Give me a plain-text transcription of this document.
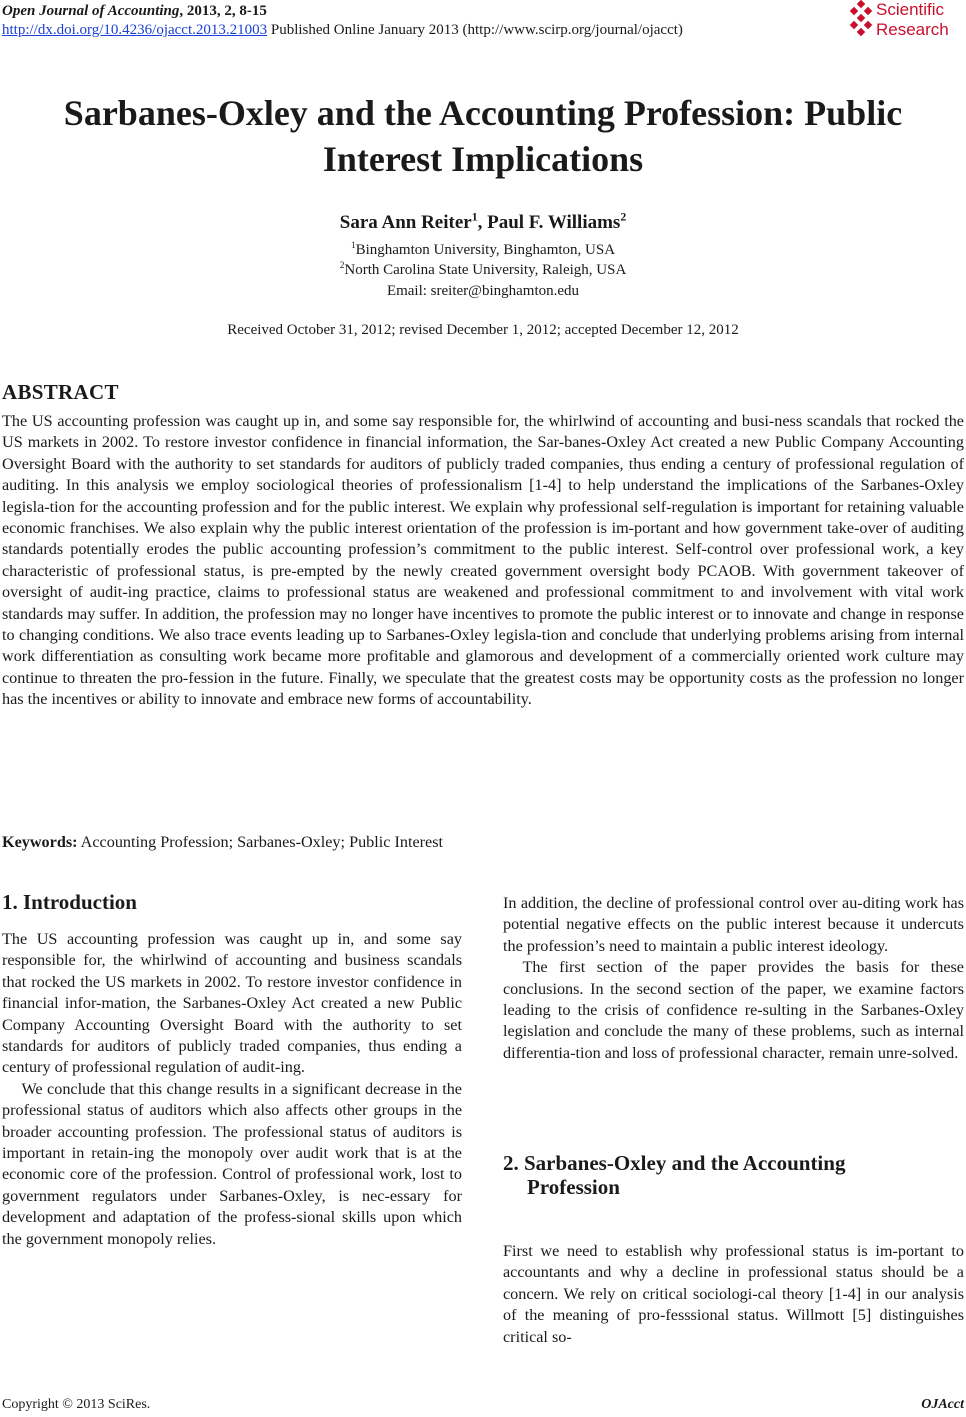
Open Journal of Accounting, 2013, 2, 8-15
http://dx.doi.org/10.4236/ojacct.2013.21003 Published Online January 2013 (http://www.scirp.org/journal/ojacct)
Scientific
Research
Sarbanes-Oxley and the Accounting Profession: Public
Interest Implications
Sara Ann Reiter$^1$, Paul F. Williams$^2$
$^1$Binghamton University, Binghamton, USA
$^2$North Carolina State University, Raleigh, USA
Email: sreiter@binghamton.edu
Received October 31, 2012; revised December 1, 2012; accepted December 12, 2012
ABSTRACT
The US accounting profession was caught up in, and some say responsible for, the whirlwind of accounting and busi-ness scandals that rocked the US markets in 2002. To restore investor confidence in financial information, the Sar-banes-Oxley Act created a new Public Company Accounting Oversight Board with the authority to set standards for auditors of publicly traded companies, thus ending a century of professional regulation of auditing. In this analysis we employ sociological theories of professionalism [1-4] to help understand the implications of the Sarbanes-Oxley legisla-tion for the accounting profession and for the public interest. We explain why professional self-regulation is important for retaining valuable economic franchises. We also explain why the public interest orientation of the profession is im-portant and how government take-over of auditing standards potentially erodes the public accounting profession’s commitment to the public interest. Self-control over professional work, a key characteristic of professional status, is pre-empted by the newly created government oversight body PCAOB. With government takeover of oversight of audit-ing practice, claims to professional status are weakened and professional commitment to and involvement with vital work standards may suffer. In addition, the profession may no longer have incentives to promote the public interest or to innovate and change in response to changing conditions. We also trace events leading up to Sarbanes-Oxley legisla-tion and conclude that underlying problems arising from internal work differentiation as consulting work became more profitable and glamorous and development of a commercially oriented work culture may continue to threaten the pro-fession in the future. Finally, we speculate that the greatest costs may be opportunity costs as the profession no longer has the incentives or ability to innovate and embrace new forms of accountability.
Keywords: Accounting Profession; Sarbanes-Oxley; Public Interest
1. Introduction

The US accounting profession was caught up in, and some say responsible for, the whirlwind of accounting and business scandals that rocked the US markets in 2002. To restore investor confidence in financial infor-mation, the Sarbanes-Oxley Act created a new Public Company Accounting Oversight Board with the authority to set standards for auditors of publicly traded companies, thus ending a century of professional regulation of audit-ing.

We conclude that this change results in a significant decrease in the professional status of auditors which also affects other groups in the broader accounting profession. The professional status of auditors is important in retain-ing the monopoly over audit work that is at the economic core of the profession. Control of professional work, lost to government regulators under Sarbanes-Oxley, is nec-essary for development and adaptation of the profess-sional skills upon which the government monopoly relies.

In addition, the decline of professional control over au-diting work has potential negative effects on the public interest because it undercuts the profession’s need to maintain a public interest ideology.

The first section of the paper provides the basis for these conclusions. In the second section of the paper, we examine factors leading to the crisis of confidence re-sulting in the Sarbanes-Oxley legislation and conclude the many of these problems, such as internal differentia-tion and loss of professional character, remain unre-solved.

2. Sarbanes-Oxley and the Accounting
Profession

First we need to establish why professional status is im-portant to accountants and why a decline in professional status should be a concern. We rely on critical sociologi-cal theory [1-4] in our analysis of the meaning of pro-fesssional status. Willmott [5] distinguishes critical so-

Copyright © 2013 SciRes.	OJAcct
